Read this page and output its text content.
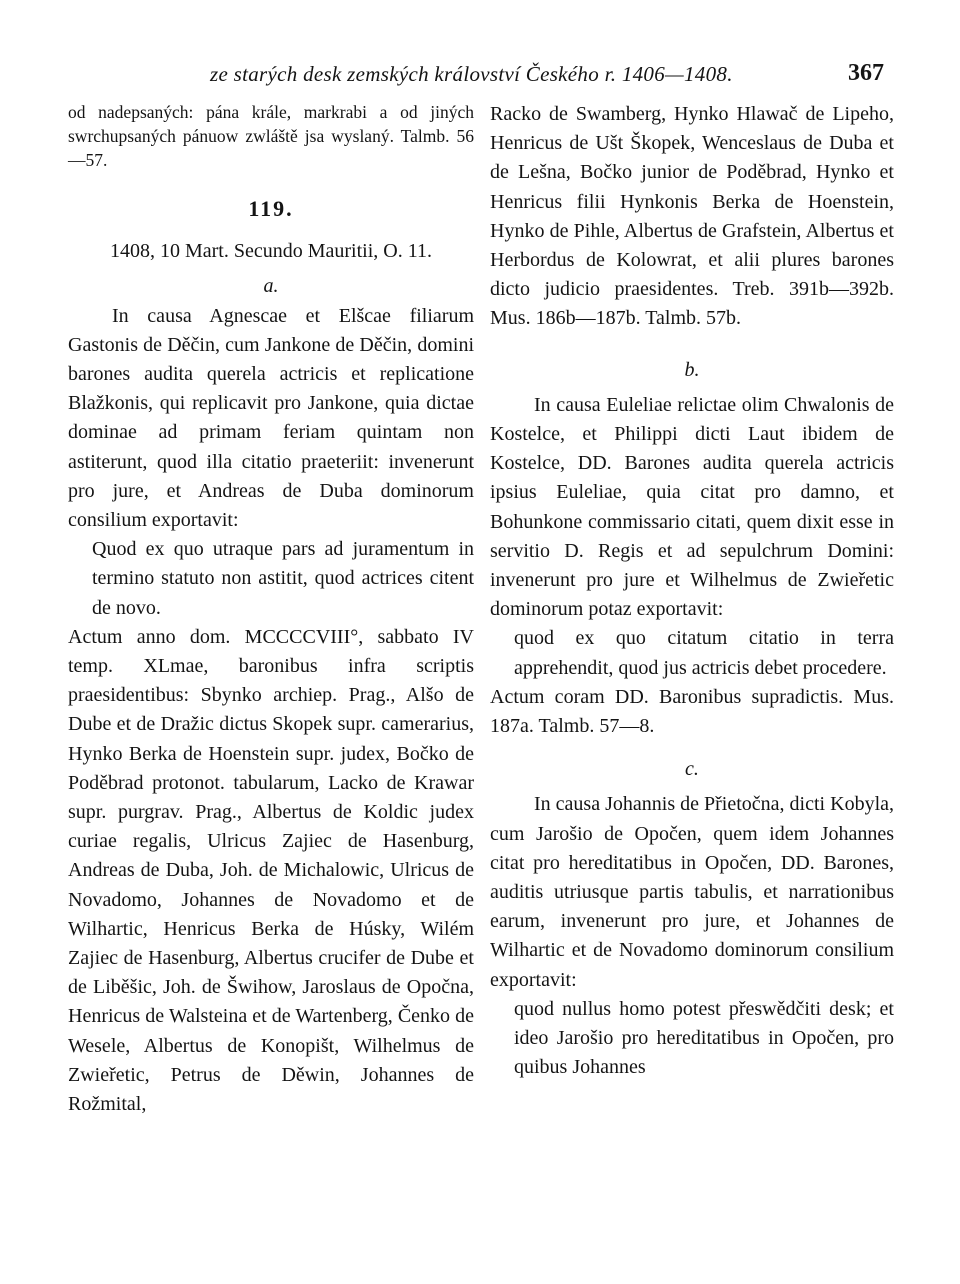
ze starých desk zemských království Českého r. 1406—1408.	367

od nadepsaných: pána krále, markrabi a od jiných swrchupsaných pánuow zwláště jsa wyslaný. Talmb. 56—57.

119.

1408, 10 Mart. Secundo Mauritii, O. 11.

a.

In causa Agnescae et Elšcae filiarum Gastonis de Děčin, cum Jankone de Děčin, domini barones audita querela actricis et replicatione Blažkonis, qui replicavit pro Jankone, quia dictae dominae ad primam feriam quintam non astiterunt, quod illa citatio praeteriit: invenerunt pro jure, et Andreas de Duba dominorum consilium exportavit:

Quod ex quo utraque pars ad juramentum in termino statuto non astitit, quod actrices citent de novo.

Actum anno dom. MCCCCVIII°, sabbato IV temp. XLmae, baronibus infra scriptis praesidentibus: Sbynko archiep. Prag., Alšo de Dube et de Dražic dictus Skopek supr. camerarius, Hynko Berka de Hoenstein supr. judex, Bočko de Poděbrad protonot. tabularum, Lacko de Krawar supr. purgrav. Prag., Albertus de Koldic judex curiae regalis, Ulricus Zajiec de Hasenburg, Andreas de Duba, Joh. de Michalowic, Ulricus de Novadomo, Johannes de Novadomo et de Wilhartic, Henricus Berka de Húsky, Wilém Zajiec de Hasenburg, Albertus crucifer de Dube et de Liběšic, Joh. de Šwihow, Jaroslaus de Opočna, Henricus de Walsteina et de Wartenberg, Čenko de Wesele, Albertus de Konopišt, Wilhelmus de Zwieřetic, Petrus de Děwin, Johannes de Rožmital,

Racko de Swamberg, Hynko Hlawač de Lipeho, Henricus de Ušt Škopek, Wenceslaus de Duba et de Lešna, Bočko junior de Poděbrad, Hynko et Henricus filii Hynkonis Berka de Hoenstein, Hynko de Pihle, Albertus de Grafstein, Albertus et Herbordus de Kolowrat, et alii plures barones dicto judicio praesidentes. Treb. 391b—392b. Mus. 186b—187b. Talmb. 57b.

b.

In causa Euleliae relictae olim Chwalonis de Kostelce, et Philippi dicti Laut ibidem de Kostelce, DD. Barones audita querela actricis ipsius Euleliae, quia citat pro damno, et Bohunkone commissario citati, quem dixit esse in servitio D. Regis et ad sepulchrum Domini: invenerunt pro jure et Wilhelmus de Zwieřetic dominorum potaz exportavit:

quod ex quo citatum citatio in terra apprehendit, quod jus actricis debet procedere.

Actum coram DD. Baronibus supradictis. Mus. 187a. Talmb. 57—8.

c.

In causa Johannis de Přietočna, dicti Kobyla, cum Jarošio de Opočen, quem idem Johannes citat pro hereditatibus in Opočen, DD. Barones, auditis utriusque partis tabulis, et narrationibus earum, invenerunt pro jure, et Johannes de Wilhartic et de Novadomo dominorum consilium exportavit:

quod nullus homo potest přeswědčiti desk; et ideo Jarošio pro hereditatibus in Opočen, pro quibus Johannes
